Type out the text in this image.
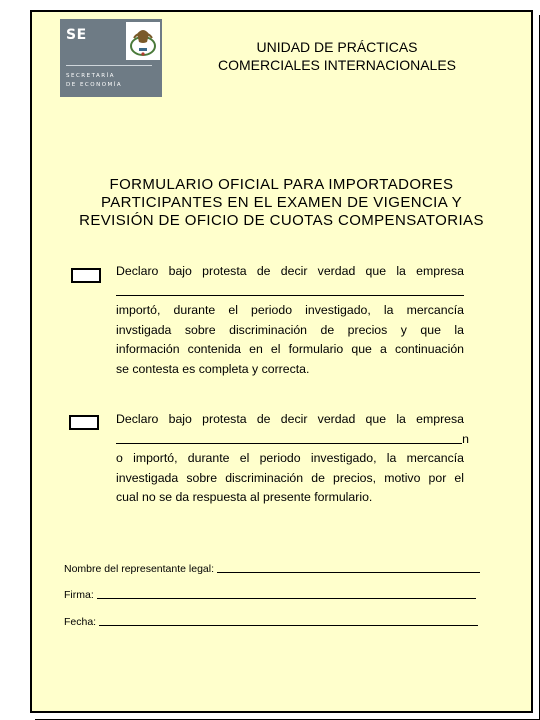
SE
SECRETARÍA
DE ECONOMÍA
UNIDAD DE PRÁCTICAS
COMERCIALES INTERNACIONALES
FORMULARIO OFICIAL PARA IMPORTADORES
PARTICIPANTES EN EL EXAMEN DE VIGENCIA Y
REVISIÓN DE OFICIO DE CUOTAS COMPENSATORIAS
Declaro bajo protesta de decir verdad que la empresa
importó, durante el periodo investigado, la mercancía
invstigada sobre discriminación de precios y que la
información contenida en el formulario que a continuación
se contesta es completa y correcta.
Declaro bajo protesta de decir verdad que la empresa
n
o importó, durante el periodo investigado, la mercancía
investigada sobre discriminación de precios, motivo por el
cual no se da respuesta al presente formulario.
Nombre del representante legal:
Firma:
Fecha:
